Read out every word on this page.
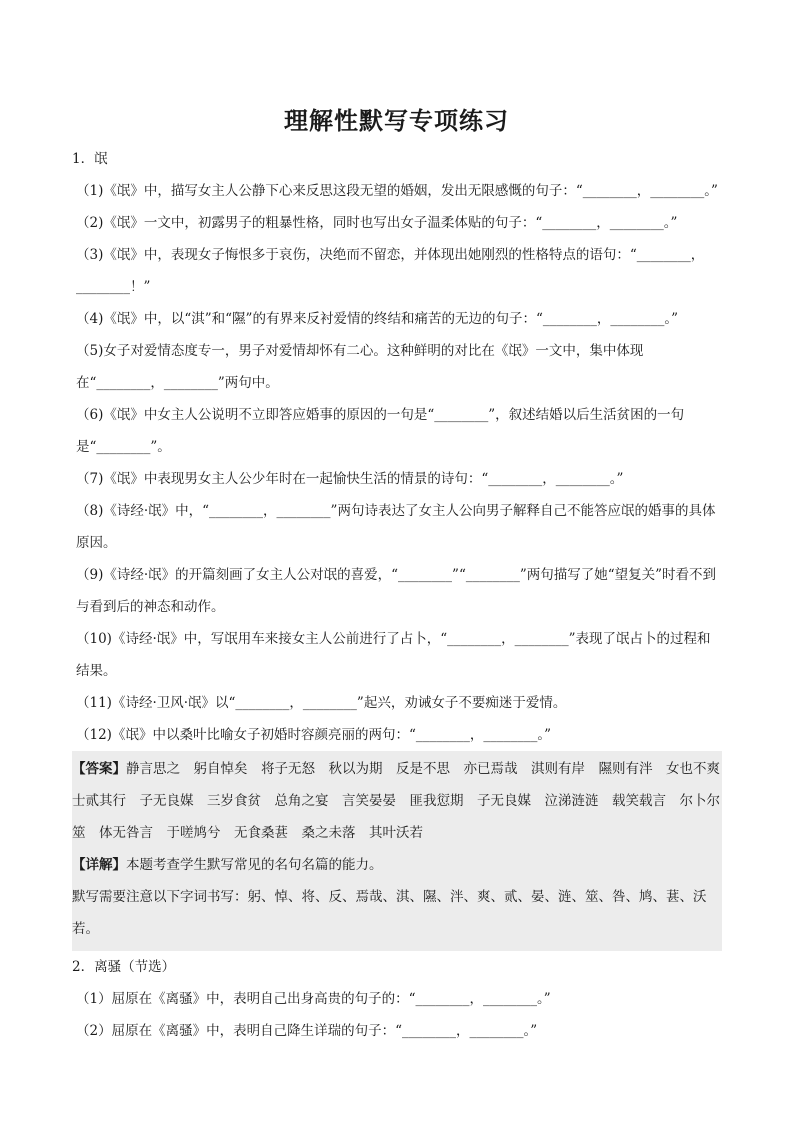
理解性默写专项练习

1．氓

（1)《氓》中，描写女主人公静下心来反思这段无望的婚姻，发出无限感慨的句子：“________，________。”

（2)《氓》一文中，初露男子的粗暴性格，同时也写出女子温柔体贴的句子：“________，________。”

（3)《氓》中，表现女子悔恨多于哀伤，决绝而不留恋，并体现出她刚烈的性格特点的语句：“________，________！”

（4)《氓》中，以“淇”和“隰”的有界来反衬爱情的终结和痛苦的无边的句子：“________，________。”

（5)女子对爱情态度专一，男子对爱情却怀有二心。这种鲜明的对比在《氓》一文中，集中体现在“________，________”两句中。

（6)《氓》中女主人公说明不立即答应婚事的原因的一句是“________”，叙述结婚以后生活贫困的一句是“________”。

（7)《氓》中表现男女主人公少年时在一起愉快生活的情景的诗句：“________，________。”

（8)《诗经·氓》中，“________，________”两句诗表达了女主人公向男子解释自己不能答应氓的婚事的具体原因。

（9)《诗经·氓》的开篇刻画了女主人公对氓的喜爱，“________”“________”两句描写了她“望复关”时看不到与看到后的神态和动作。

（10)《诗经·氓》中，写氓用车来接女主人公前进行了占卜，“________，________”表现了氓占卜的过程和结果。

（11)《诗经·卫风·氓》以“________，________”起兴，劝诫女子不要痴迷于爱情。

（12)《氓》中以桑叶比喻女子初婚时容颜亮丽的两句：“________，________。”

【答案】静言思之　躬自悼矣　将子无怒　秋以为期　反是不思　亦已焉哉　淇则有岸　隰则有泮　女也不爽　士贰其行　子无良媒　三岁食贫　总角之宴　言笑晏晏　匪我愆期　子无良媒　泣涕涟涟　载笑载言　尔卜尔筮　体无咎言　于嗟鸠兮　无食桑葚　桑之未落　其叶沃若

【详解】本题考查学生默写常见的名句名篇的能力。

默写需要注意以下字词书写：躬、悼、将、反、焉哉、淇、隰、泮、爽、贰、晏、涟、筮、咎、鸠、葚、沃若。

2．离骚（节选）

（1）屈原在《离骚》中，表明自己出身高贵的句子的：“________，________。”

（2）屈原在《离骚》中，表明自己降生详瑞的句子：“________，________。”
